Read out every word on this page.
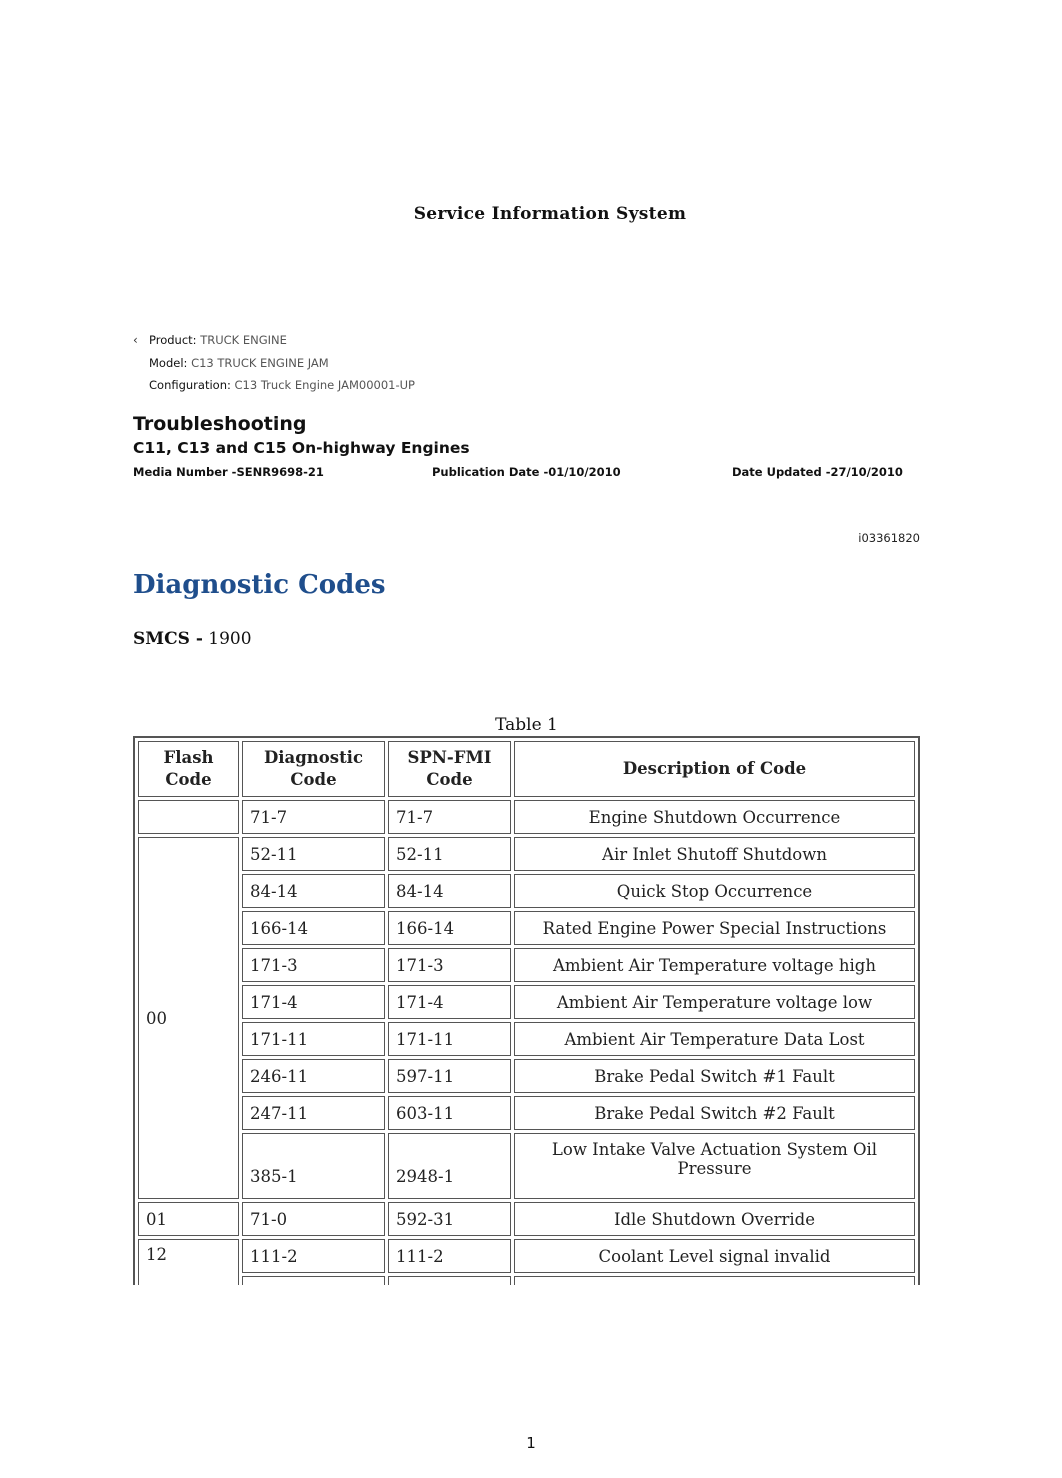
Service Information System
‹ Product: TRUCK ENGINE
Model: C13 TRUCK ENGINE JAM
Configuration: C13 Truck Engine JAM00001-UP
Troubleshooting
C11, C13 and C15 On-highway Engines
Media Number -SENR9698-21	Publication Date -01/10/2010	Date Updated -27/10/2010
i03361820
Diagnostic Codes
SMCS - 1900
Table 1
Flash Code	Diagnostic Code	SPN-FMI Code	Description of Code
	71-7	71-7	Engine Shutdown Occurrence
00	52-11	52-11	Air Inlet Shutoff Shutdown
	84-14	84-14	Quick Stop Occurrence
	166-14	166-14	Rated Engine Power Special Instructions
	171-3	171-3	Ambient Air Temperature voltage high
	171-4	171-4	Ambient Air Temperature voltage low
	171-11	171-11	Ambient Air Temperature Data Lost
	246-11	597-11	Brake Pedal Switch #1 Fault
	247-11	603-11	Brake Pedal Switch #2 Fault
	385-1	2948-1	Low Intake Valve Actuation System Oil Pressure
01	71-0	592-31	Idle Shutdown Override
12	111-2	111-2	Coolant Level signal invalid

1
